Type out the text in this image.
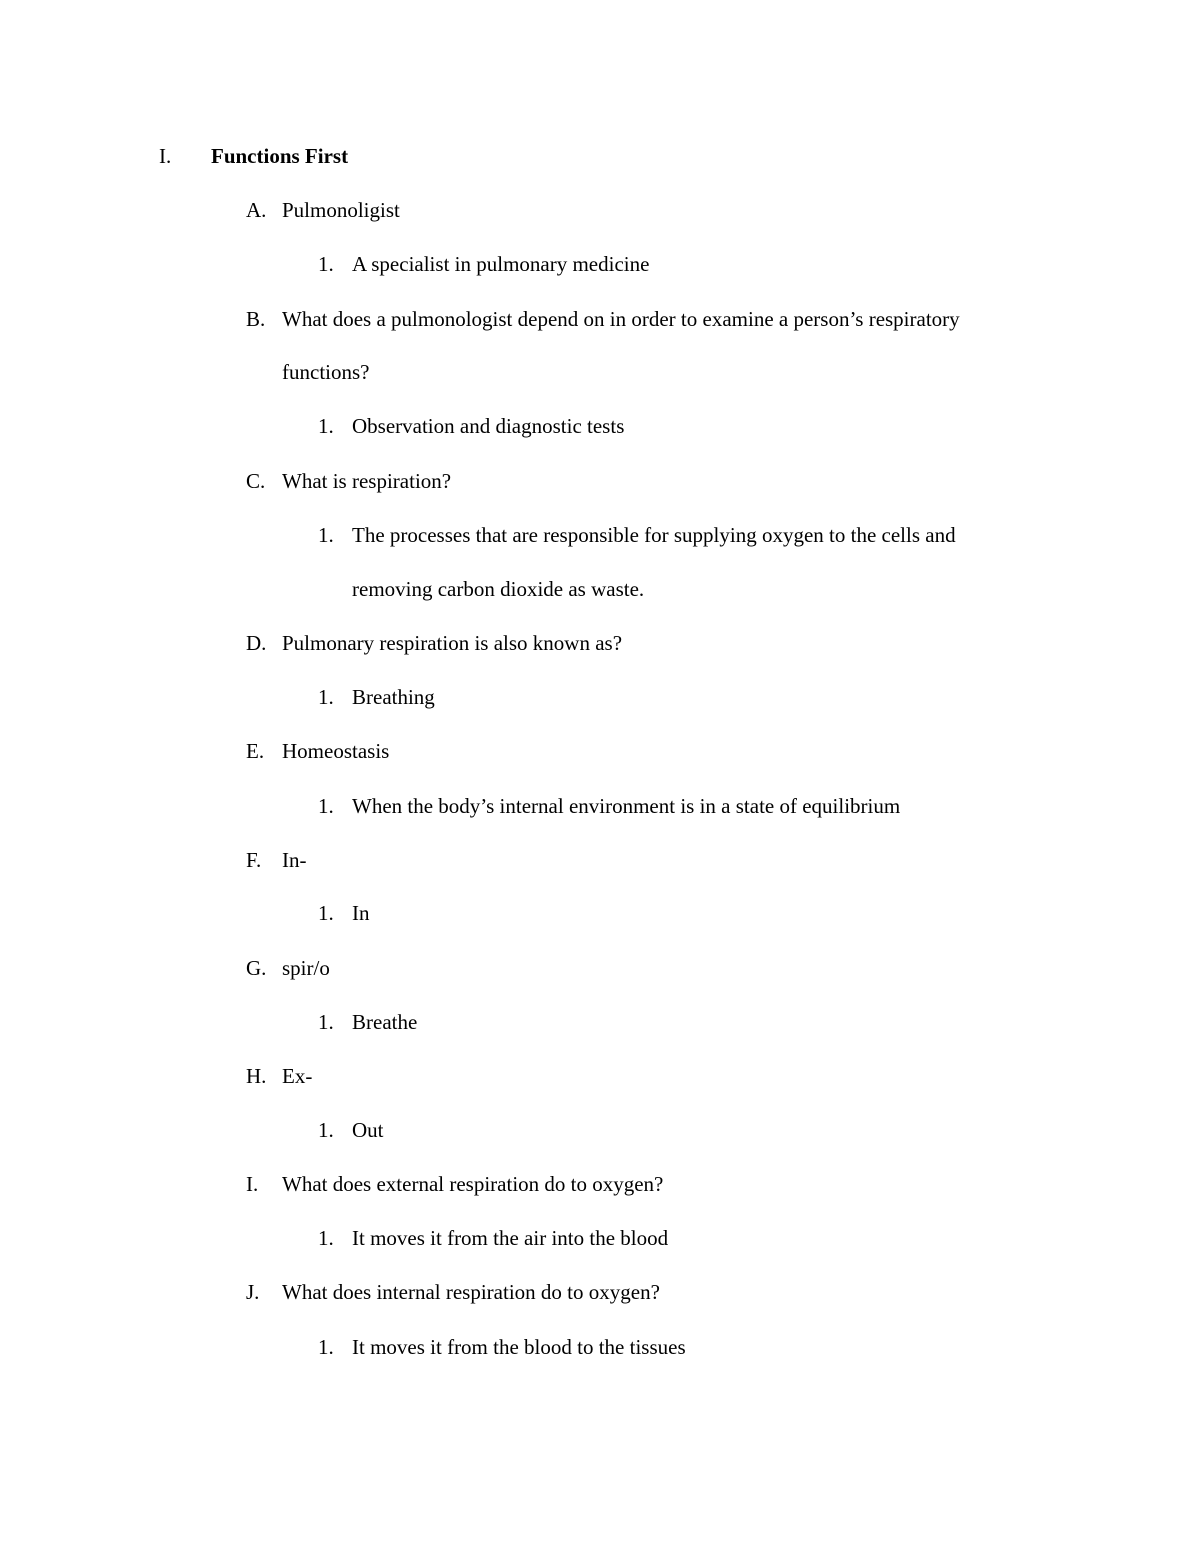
I. Functions First
A. Pulmonoligist
1. A specialist in pulmonary medicine
B. What does a pulmonologist depend on in order to examine a person’s respiratory
functions?
1. Observation and diagnostic tests
C. What is respiration?
1. The processes that are responsible for supplying oxygen to the cells and
removing carbon dioxide as waste.
D. Pulmonary respiration is also known as?
1. Breathing
E. Homeostasis
1. When the body’s internal environment is in a state of equilibrium
F. In-
1. In
G. spir/o
1. Breathe
H. Ex-
1. Out
I. What does external respiration do to oxygen?
1. It moves it from the air into the blood
J. What does internal respiration do to oxygen?
1. It moves it from the blood to the tissues
